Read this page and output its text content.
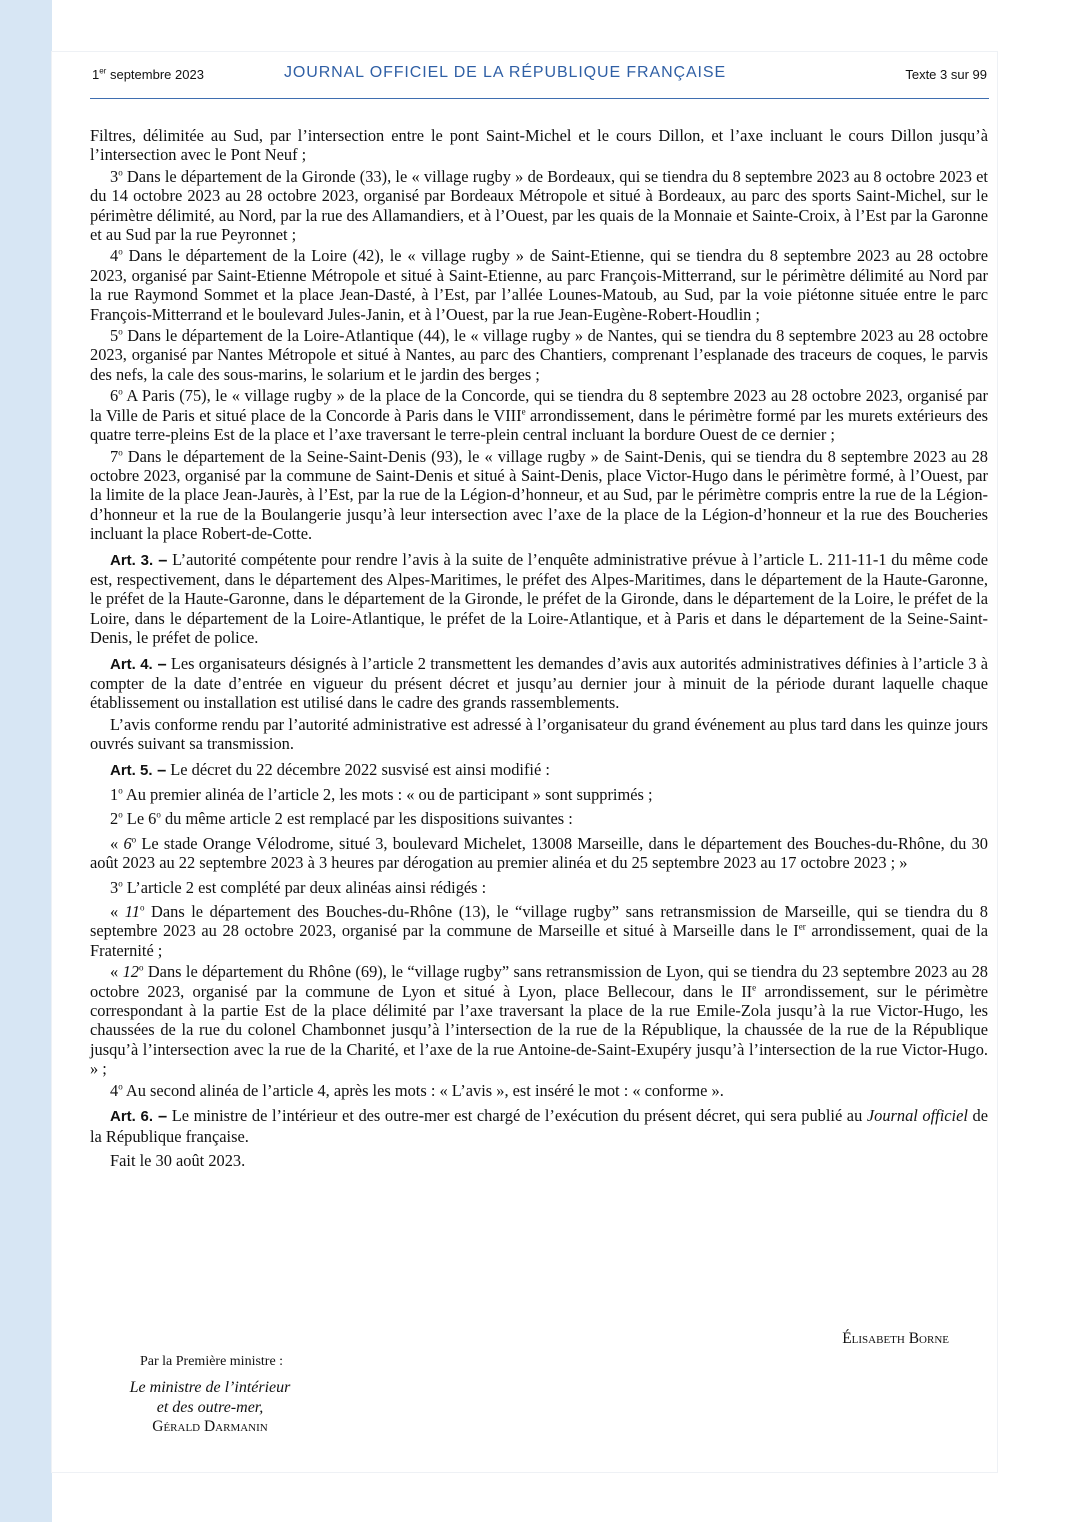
1er septembre 2023	JOURNAL OFFICIEL DE LA RÉPUBLIQUE FRANÇAISE	Texte 3 sur 99

Filtres, délimitée au Sud, par l’intersection entre le pont Saint-Michel et le cours Dillon, et l’axe incluant le cours Dillon jusqu’à l’intersection avec le Pont Neuf ;

3$^o$ Dans le département de la Gironde (33), le « village rugby » de Bordeaux, qui se tiendra du 8 septembre 2023 au 8 octobre 2023 et du 14 octobre 2023 au 28 octobre 2023, organisé par Bordeaux Métropole et situé à Bordeaux, au parc des sports Saint-Michel, sur le périmètre délimité, au Nord, par la rue des Allamandiers, et à l’Ouest, par les quais de la Monnaie et Sainte-Croix, à l’Est par la Garonne et au Sud par la rue Peyronnet ;

4$^o$ Dans le département de la Loire (42), le « village rugby » de Saint-Etienne, qui se tiendra du 8 septembre 2023 au 28 octobre 2023, organisé par Saint-Etienne Métropole et situé à Saint-Etienne, au parc François-Mitterrand, sur le périmètre délimité au Nord par la rue Raymond Sommet et la place Jean-Dasté, à l’Est, par l’allée Lounes-Matoub, au Sud, par la voie piétonne située entre le parc François-Mitterrand et le boulevard Jules-Janin, et à l’Ouest, par la rue Jean-Eugène-Robert-Houdlin ;

5$^o$ Dans le département de la Loire-Atlantique (44), le « village rugby » de Nantes, qui se tiendra du 8 septembre 2023 au 28 octobre 2023, organisé par Nantes Métropole et situé à Nantes, au parc des Chantiers, comprenant l’esplanade des traceurs de coques, le parvis des nefs, la cale des sous-marins, le solarium et le jardin des berges ;

6$^o$ A Paris (75), le « village rugby » de la place de la Concorde, qui se tiendra du 8 septembre 2023 au 28 octobre 2023, organisé par la Ville de Paris et situé place de la Concorde à Paris dans le VIIIe arrondissement, dans le périmètre formé par les murets extérieurs des quatre terre-pleins Est de la place et l’axe traversant le terre-plein central incluant la bordure Ouest de ce dernier ;

7$^o$ Dans le département de la Seine-Saint-Denis (93), le « village rugby » de Saint-Denis, qui se tiendra du 8 septembre 2023 au 28 octobre 2023, organisé par la commune de Saint-Denis et situé à Saint-Denis, place Victor-Hugo dans le périmètre formé, à l’Ouest, par la limite de la place Jean-Jaurès, à l’Est, par la rue de la Légion-d’honneur, et au Sud, par le périmètre compris entre la rue de la Légion-d’honneur et la rue de la Boulangerie jusqu’à leur intersection avec l’axe de la place de la Légion-d’honneur et la rue des Boucheries incluant la place Robert-de-Cotte.

Art. 3. – L’autorité compétente pour rendre l’avis à la suite de l’enquête administrative prévue à l’article L. 211-11-1 du même code est, respectivement, dans le département des Alpes-Maritimes, le préfet des Alpes-Maritimes, dans le département de la Haute-Garonne, le préfet de la Haute-Garonne, dans le département de la Gironde, le préfet de la Gironde, dans le département de la Loire, le préfet de la Loire, dans le département de la Loire-Atlantique, le préfet de la Loire-Atlantique, et à Paris et dans le département de la Seine-Saint-Denis, le préfet de police.

Art. 4. – Les organisateurs désignés à l’article 2 transmettent les demandes d’avis aux autorités administratives définies à l’article 3 à compter de la date d’entrée en vigueur du présent décret et jusqu’au dernier jour à minuit de la période durant laquelle chaque établissement ou installation est utilisé dans le cadre des grands rassemblements.

L’avis conforme rendu par l’autorité administrative est adressé à l’organisateur du grand événement au plus tard dans les quinze jours ouvrés suivant sa transmission.

Art. 5. – Le décret du 22 décembre 2022 susvisé est ainsi modifié :

1$^o$ Au premier alinéa de l’article 2, les mots : « ou de participant » sont supprimés ;

2$^o$ Le 6$^o$ du même article 2 est remplacé par les dispositions suivantes :

« 6$^o$ Le stade Orange Vélodrome, situé 3, boulevard Michelet, 13008 Marseille, dans le département des Bouches-du-Rhône, du 30 août 2023 au 22 septembre 2023 à 3 heures par dérogation au premier alinéa et du 25 septembre 2023 au 17 octobre 2023 ; »

3$^o$ L’article 2 est complété par deux alinéas ainsi rédigés :

« 11$^o$ Dans le département des Bouches-du-Rhône (13), le “village rugby” sans retransmission de Marseille, qui se tiendra du 8 septembre 2023 au 28 octobre 2023, organisé par la commune de Marseille et situé à Marseille dans le Ier arrondissement, quai de la Fraternité ;

« 12$^o$ Dans le département du Rhône (69), le “village rugby” sans retransmission de Lyon, qui se tiendra du 23 septembre 2023 au 28 octobre 2023, organisé par la commune de Lyon et situé à Lyon, place Bellecour, dans le IIe arrondissement, sur le périmètre correspondant à la partie Est de la place délimité par l’axe traversant la place de la rue Emile-Zola jusqu’à la rue Victor-Hugo, les chaussées de la rue du colonel Chambonnet jusqu’à l’intersection de la rue de la République, la chaussée de la rue de la République jusqu’à l’intersection avec la rue de la Charité, et l’axe de la rue Antoine-de-Saint-Exupéry jusqu’à l’intersection de la rue Victor-Hugo. » ;

4$^o$ Au second alinéa de l’article 4, après les mots : « L’avis », est inséré le mot : « conforme ».

Art. 6. – Le ministre de l’intérieur et des outre-mer est chargé de l’exécution du présent décret, qui sera publié au Journal officiel de la République française.

Fait le 30 août 2023.

Élisabeth Borne
Par la Première ministre :
Le ministre de l’intérieur
et des outre-mer,
Gérald Darmanin
